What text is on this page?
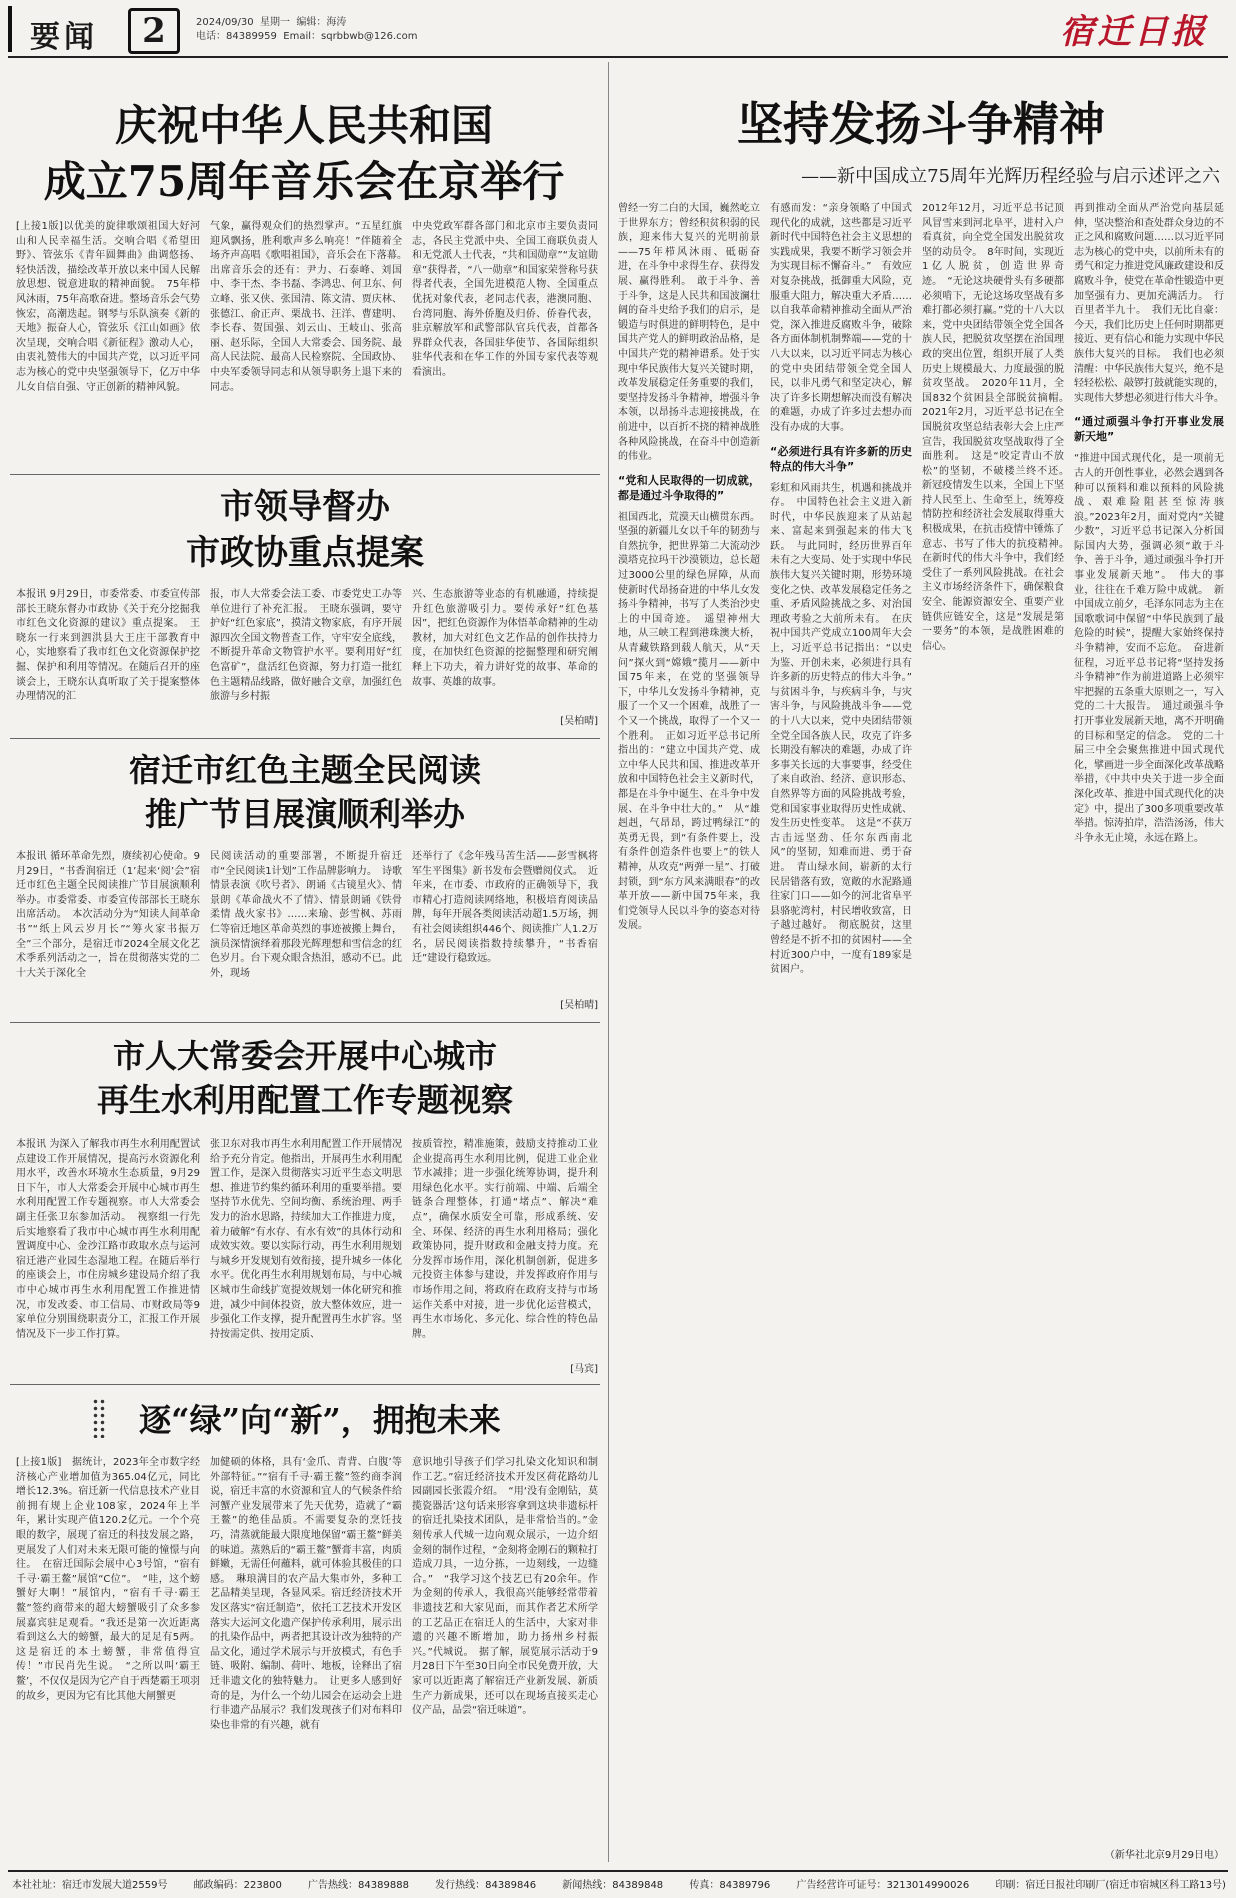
要闻	2	2024/09/30 星期一 编辑：海涛
电话：84389959 Email：sqrbbwb@126.com	宿迁日报
庆祝中华人民共和国
成立75周年音乐会在京举行
[上接1版]以优美的旋律歌颂祖国大好河山和人民幸福生活。交响合唱《希望田野》、管弦乐《青年圆舞曲》曲调悠扬、轻快活泼，描绘改革开放以来中国人民解放思想、锐意进取的精神面貌。　75年栉风沐雨，75年高歌奋进。整场音乐会气势恢宏，高潮迭起。钢琴与乐队演奏《新的天地》振奋人心，管弦乐《江山如画》依次呈现，交响合唱《新征程》激动人心，由衷礼赞伟大的中国共产党，以习近平同志为核心的党中央坚强领导下，亿万中华儿女自信自强、守正创新的精神风貌。
气象，赢得观众们的热烈掌声。“五星红旗迎风飘扬，胜利歌声多么响亮！”伴随着全场齐声高唱《歌唱祖国》，音乐会在下落幕。　出席音乐会的还有：尹力、石泰峰、刘国中、李干杰、李书磊、李鸿忠、何卫东、何立峰、张又侠、张国清、陈文清、贾庆林、张德江、俞正声、栗战书、汪洋、曹建明、李长春、贺国强、刘云山、王岐山、张高丽、赵乐际，全国人大常委会、国务院、最高人民法院、最高人民检察院、全国政协、中央军委领导同志和从领导职务上退下来的同志。
中央党政军群各部门和北京市主要负责同志，各民主党派中央、全国工商联负责人和无党派人士代表，“共和国勋章”“友谊勋章”获得者，“八一勋章”和国家荣誉称号获得者代表，全国先进模范人物、全国重点优抚对象代表，老同志代表，港澳同胞、台湾同胞、海外侨胞及归侨、侨眷代表，驻京解放军和武警部队官兵代表，首都各界群众代表，各国驻华使节、各国际组织驻华代表和在华工作的外国专家代表等观看演出。
市领导督办
市政协重点提案
本报讯 9月29日，市委常委、市委宣传部部长王晓东督办市政协《关于充分挖掘我市红色文化资源的建议》重点提案。　王晓东一行来到泗洪县大王庄干部教育中心，实地察看了我市红色文化资源保护挖掘、保护和利用等情况。在随后召开的座谈会上，王晓东认真听取了关于提案整体办理情况的汇
报，市人大常委会法工委、市委党史工办等单位进行了补充汇报。　王晓东强调，要守护好“红色家底”，摸清文物家底，有序开展源四次全国文物普查工作，守牢安全底线，不断提升革命文物管护水平。要利用好“红色富矿”，盘活红色资源，努力打造一批红色主题精品线路，做好融合文章，加强红色旅游与乡村振
兴、生态旅游等业态的有机融通，持续提升红色旅游吸引力。要传承好“红色基因”，把红色资源作为体悟革命精神的生动教材，加大对红色文艺作品的创作扶持力度，在加快红色资源的挖掘整理和研究阐释上下功夫，着力讲好党的故事、革命的故事、英雄的故事。
[吴柏晴]
宿迁市红色主题全民阅读
推广节目展演顺利举办
本报讯 循环革命先烈，赓续初心使命。9月29日，“书香润宿迁（1’起来‘阅’会”宿迁市红色主题全民阅读推广节目展演顺利举办。市委常委、市委宣传部部长王晓东出席活动。　本次活动分为“知读人间革命书”“纸上风云岁月长”“筹火家书振万全”三个部分，是宿迁市2024全展文化艺术季系列活动之一，旨在贯彻落实党的二十大关于深化全
民阅读活动的重要部署，不断提升宿迁市“全民阅读1计划”工作品牌影响力。　诗歌情景表演《吹号者》、朗诵《古镜星火》、情景朗《革命战火不了情》、情景朗诵《铁骨柔情 战火家书》……来瑜、彭雪枫、苏雨仁等宿迁地区革命英烈的事迹被搬上舞台，演员深情演绎着那段光辉理想和雪信念的红色岁月。台下观众眼含热泪，感动不已。此外，现场
还举行了《念年残马苦生活——彭雪枫将军生平图集》新书发布会暨赠阅仪式。　近年来，在市委、市政府的正确领导下，我市精心打造阅读网络地，积极培育阅读品牌，每年开展各类阅读活动超1.5万场，拥有社会阅读组织446个、阅读推广人1.2万名，居民阅读指数持续攀升，“书香宿迁”建设行稳致远。
[吴柏晴]
市人大常委会开展中心城市
再生水利用配置工作专题视察
本报讯 为深入了解我市再生水利用配置试点建设工作开展情况，提高污水资源化利用水平，改善水环境水生态质量，9月29日下午，市人大常委会开展中心城市再生水利用配置工作专题视察。市人大常委会副主任张卫东参加活动。　视察组一行先后实地察看了我市中心城市再生水利用配置调度中心、金沙江路市政取水点与运河宿迁港产业园生态湿地工程。在随后举行的座谈会上，市住房城乡建设局介绍了我市中心城市再生水利用配置工作推进情况，市发改委、市工信局、市财政局等9家单位分别围绕职责分工，汇报工作开展情况及下一步工作打算。
张卫东对我市再生水利用配置工作开展情况给予充分肯定。他指出，开展再生水利用配置工作，是深入贯彻落实习近平生态文明思想、推进节约集约循环利用的重要举措。要坚持节水优先、空间均衡、系统治理、两手发力的治水思路，持续加大工作推进力度，着力破解“有水存、有水有效”的具体行动和成效实效。要以实际行动，再生水利用规划与城乡开发规划有效衔接，提升城乡一体化水平。优化再生水利用规划布局，与中心城区城市生命线扩宽提效规划一体化研究和推进，减少中间体投资，放大整体效应，进一步强化工作支撑，提升配置再生水扩容。坚持按需定供、按用定质、
按质管控，精准施策，鼓励支持推动工业企业提高再生水利用比例，促进工业企业节水减排；进一步强化统筹协调，提升利用绿色化水平。实行前端、中端、后端全链条合理整体，打通“堵点”、解决“难点”，确保水质安全可靠，形成系统、安全、环保、经济的再生水利用格局；强化政策协同，提升财政和金融支持力度。充分发挥市场作用，深化机制创新，促进多元投资主体参与建设，并发挥政府作用与市场作用之间，将政府在政府支持与市场运作关系中对接，进一步优化运营模式，再生水市场化、多元化、综合性的特色品牌。
[马宾]
逐“绿”向“新”，拥抱未来
[上接1版]　据统计，2023年全市数字经济核心产业增加值为365.04亿元，同比增长12.3%。宿迁新一代信息技术产业目前拥有规上企业108家，2024年上半年，累计实现产值120.2亿元。一个个亮眼的数字，展现了宿迁的科技发展之路，更展发了人们对未来无限可能的憧憬与向往。　在宿迁国际会展中心3号馆，“宿有千寻·霸王鳌”展馆“C位”。　“哇，这个螃蟹好大啊！”展馆内，“宿有千寻·霸王鳌”签约商带来的超大螃蟹吸引了众多参展嘉宾驻足观看。“我还是第一次近距离看到这么大的螃蟹，最大的足足有5两。这是宿迁的本土螃蟹，非常值得宣传！”市民肖先生说。　“之所以叫‘霸王鳌’，不仅仅是因为它产自于西楚霸王项羽的故乡，更因为它有比其他大闸蟹更
加健硕的体格，具有‘金爪、青背、白腹’等外部特征。”“宿有千寻·霸王鳌”签约商李润说，宿迁丰富的水资源和宜人的气候条件给河蟹产业发展带来了先天优势，造就了“霸王鳌”的绝佳品质。不需要复杂的烹饪技巧，清蒸就能最大限度地保留“霸王鳌”鲜美的味道。蒸熟后的“霸王鳌”蟹膏丰富，肉质鲜嫩，无需任何蘸料，就可体验其极佳的口感。　琳琅满目的农产品大集市外，多种工艺品精美呈现，各显风采。宿迁经济技术开发区落实“宿迁制造”，依托工艺技术开发区落实大运河文化遗产保护传承利用，展示出的扎染作品中，两者把其设计改为独特的产品文化，通过学术展示与开放模式，有色手链、吸附、编制、荷叶、地板，诠释出了宿迁非遗文化的独特魅力。　让更多人感到好奇的是，为什么一个幼儿园会在运动会上进行非遗产品展示？我们发现孩子们对布料印染也非常的有兴趣，就有
意识地引导孩子们学习扎染文化知识和制作工艺。”宿迁经济技术开发区荷花路幼儿园副园长张霞介绍。　“用‘没有金刚钻，莫揽瓷器活’这句话来形容拿到这块非遗标杆的宿迁扎染技术团队，是非常恰当的。”金刻传承人代城一边向观众展示，一边介绍金刻的制作过程，“金刻将金刚石的颗粒打造成刀具，一边分拣，一边刻线，一边缝合。”　“我学习这个技艺已有20余年。作为金刻的传承人，我很高兴能够经常带着非遗技艺和大家见面，而其作者艺术所学的工艺品正在宿迁人的生活中，大家对非遗的兴趣不断增加，助力扬州乡村振兴。”代城说。　据了解，展览展示活动于9月28日下午至30日向全市民免费开放，大家可以近距离了解宿迁产业新发展、新质生产力新成果，还可以在现场直接买走心仪产品，品尝“宿迁味道”。
坚持发扬斗争精神
——新中国成立75周年光辉历程经验与启示述评之六
曾经一穷二白的大国，巍然屹立于世界东方；曾经积贫积弱的民族，迎来伟大复兴的光明前景——75年栉风沐雨、砥砺奋进，在斗争中求得生存、获得发展、赢得胜利。　敢于斗争、善于斗争，这是人民共和国波澜壮阔的奋斗史给予我们的启示，是锻造与时俱进的鲜明特色，是中国共产党人的鲜明政治品格，是中国共产党的精神谱系。处于实现中华民族伟大复兴关键时期，改革发展稳定任务重要的我们，要坚持发扬斗争精神，增强斗争本领，以昂扬斗志迎接挑战，在前进中，以百折不挠的精神战胜各种风险挑战，在奋斗中创造新的伟业。
“党和人民取得的一切成就，都是通过斗争取得的”
祖国西北，荒漠天山横贯东西。坚强的新疆儿女以千年的韧劲与自然抗争，把世界第二大流动沙漠塔克拉玛干沙漠锁边，总长超过3000公里的绿色屏障，从而使新时代昂扬奋进的中华儿女发扬斗争精神，书写了人类治沙史上的中国奇迹。　遥望神州大地，从三峡工程到港珠澳大桥，从青藏铁路到载人航天，从“天问”探火到“嫦娥”揽月——新中国75年来，在党的坚强领导下，中华儿女发扬斗争精神，克服了一个又一个困难，战胜了一个又一个挑战，取得了一个又一个胜利。　正如习近平总书记所指出的：“建立中国共产党、成立中华人民共和国、推进改革开放和中国特色社会主义新时代，都是在斗争中诞生、在斗争中发展、在斗争中壮大的。”　从“雄赳赳，气昂昂，跨过鸭绿江”的英勇无畏，到“有条件要上，没有条件创造条件也要上”的铁人精神，从攻克“两弹一星”、打破封锁，到“东方风来满眼春”的改革开放——新中国75年来，我们党领导人民以斗争的姿态对待发展。
有感而发：“亲身领略了中国式现代化的成就，这些都是习近平新时代中国特色社会主义思想的实践成果，我要不断学习领会并为实现目标不懈奋斗。”　有效应对复杂挑战，抵御重大风险，克服重大阻力，解决重大矛盾……以自我革命精神推动全面从严治党，深入推进反腐败斗争，破除各方面体制机制弊端——党的十八大以来，以习近平同志为核心的党中央团结带领全党全国人民，以非凡勇气和坚定决心，解决了许多长期想解决而没有解决的难题，办成了许多过去想办而没有办成的大事。
“必须进行具有许多新的历史特点的伟大斗争”
彩虹和风雨共生，机遇和挑战并存。　中国特色社会主义进入新时代，中华民族迎来了从站起来、富起来到强起来的伟大飞跃。　与此同时，经历世界百年未有之大变局、处于实现中华民族伟大复兴关键时期，形势环境变化之快、改革发展稳定任务之重、矛盾风险挑战之多、对治国理政考验之大前所未有。　在庆祝中国共产党成立100周年大会上，习近平总书记指出：“以史为鉴、开创未来，必须进行具有许多新的历史特点的伟大斗争。”　与贫困斗争，与疾病斗争，与灾害斗争，与风险挑战斗争——党的十八大以来，党中央团结带领全党全国各族人民，攻克了许多长期没有解决的难题，办成了许多事关长远的大事要事，经受住了来自政治、经济、意识形态、自然界等方面的风险挑战考验，党和国家事业取得历史性成就、发生历史性变革。　这是“不获万古击远坚劲、任尔东西南北风”的坚韧，知难而进、勇于奋进。　青山绿水间，崭新的太行民居错落有致，宽敞的水泥路通往家门口——如今的河北省阜平县骆驼湾村，村民增收致富，日子越过越好。　彻底脱贫，这里曾经是不折不扣的贫困村——全村近300户中，一度有189家是贫困户。
2012年12月，习近平总书记顶风冒雪来到河北阜平，进村入户看真贫，向全党全国发出脱贫攻坚的动员令。　8年时间，实现近1亿人脱贫，创造世界奇迹。　“无论这块硬骨头有多硬都必须啃下，无论这场攻坚战有多难打都必须打赢。”党的十八大以来，党中央团结带领全党全国各族人民，把脱贫攻坚摆在治国理政的突出位置，组织开展了人类历史上规模最大、力度最强的脱贫攻坚战。　2020年11月，全国832个贫困县全部脱贫摘帽。　2021年2月，习近平总书记在全国脱贫攻坚总结表彰大会上庄严宣告，我国脱贫攻坚战取得了全面胜利。　这是“咬定青山不放松”的坚韧，不破楼兰终不还。　新冠疫情发生以来，全国上下坚持人民至上、生命至上，统筹疫情防控和经济社会发展取得重大积极成果，在抗击疫情中锤炼了意志、书写了伟大的抗疫精神。　在新时代的伟大斗争中，我们经受住了一系列风险挑战。在社会主义市场经济条件下，确保粮食安全、能源资源安全、重要产业链供应链安全，这是“发展是第一要务”的本领，是战胜困难的信心。
再到推动全面从严治党向基层延伸，坚决整治和查处群众身边的不正之风和腐败问题……以习近平同志为核心的党中央，以前所未有的勇气和定力推进党风廉政建设和反腐败斗争，使党在革命性锻造中更加坚强有力、更加充满活力。　行百里者半九十。　我们无比自豪：今天，我们比历史上任何时期都更接近、更有信心和能力实现中华民族伟大复兴的目标。　我们也必须清醒：中华民族伟大复兴，绝不是轻轻松松、敲锣打鼓就能实现的，实现伟大梦想必须进行伟大斗争。
“通过顽强斗争打开事业发展新天地”
“推进中国式现代化，是一项前无古人的开创性事业，必然会遇到各种可以预料和难以预料的风险挑战、艰难险阻甚至惊涛骇浪。”2023年2月，面对党内“关键少数”，习近平总书记深入分析国际国内大势，强调必须“敢于斗争、善于斗争，通过顽强斗争打开事业发展新天地”。　伟大的事业，往往在千难万险中成就。　新中国成立前夕，毛泽东同志为主在国歌歌词中保留“中华民族到了最危险的时候”，提醒大家始终保持斗争精神，安而不忘危。　奋进新征程，习近平总书记将“坚持发扬斗争精神”作为前进道路上必须牢牢把握的五条重大原则之一，写入党的二十大报告。　通过顽强斗争打开事业发展新天地，离不开明确的目标和坚定的信念。　党的二十届三中全会聚焦推进中国式现代化，擘画进一步全面深化改革战略举措，《中共中央关于进一步全面深化改革、推进中国式现代化的决定》中，提出了300多项重要改革举措。惊涛拍岸，浩浩汤汤，伟大斗争永无止境，永远在路上。
（新华社北京9月29日电）
本社社址：宿迁市发展大道2559号	邮政编码：223800	广告热线：84389888	发行热线：84389846	新闻热线：84389848	传真：84389796	广告经营许可证号：3213014990026	印刷：宿迁日报社印刷厂(宿迁市宿城区科工路13号)
